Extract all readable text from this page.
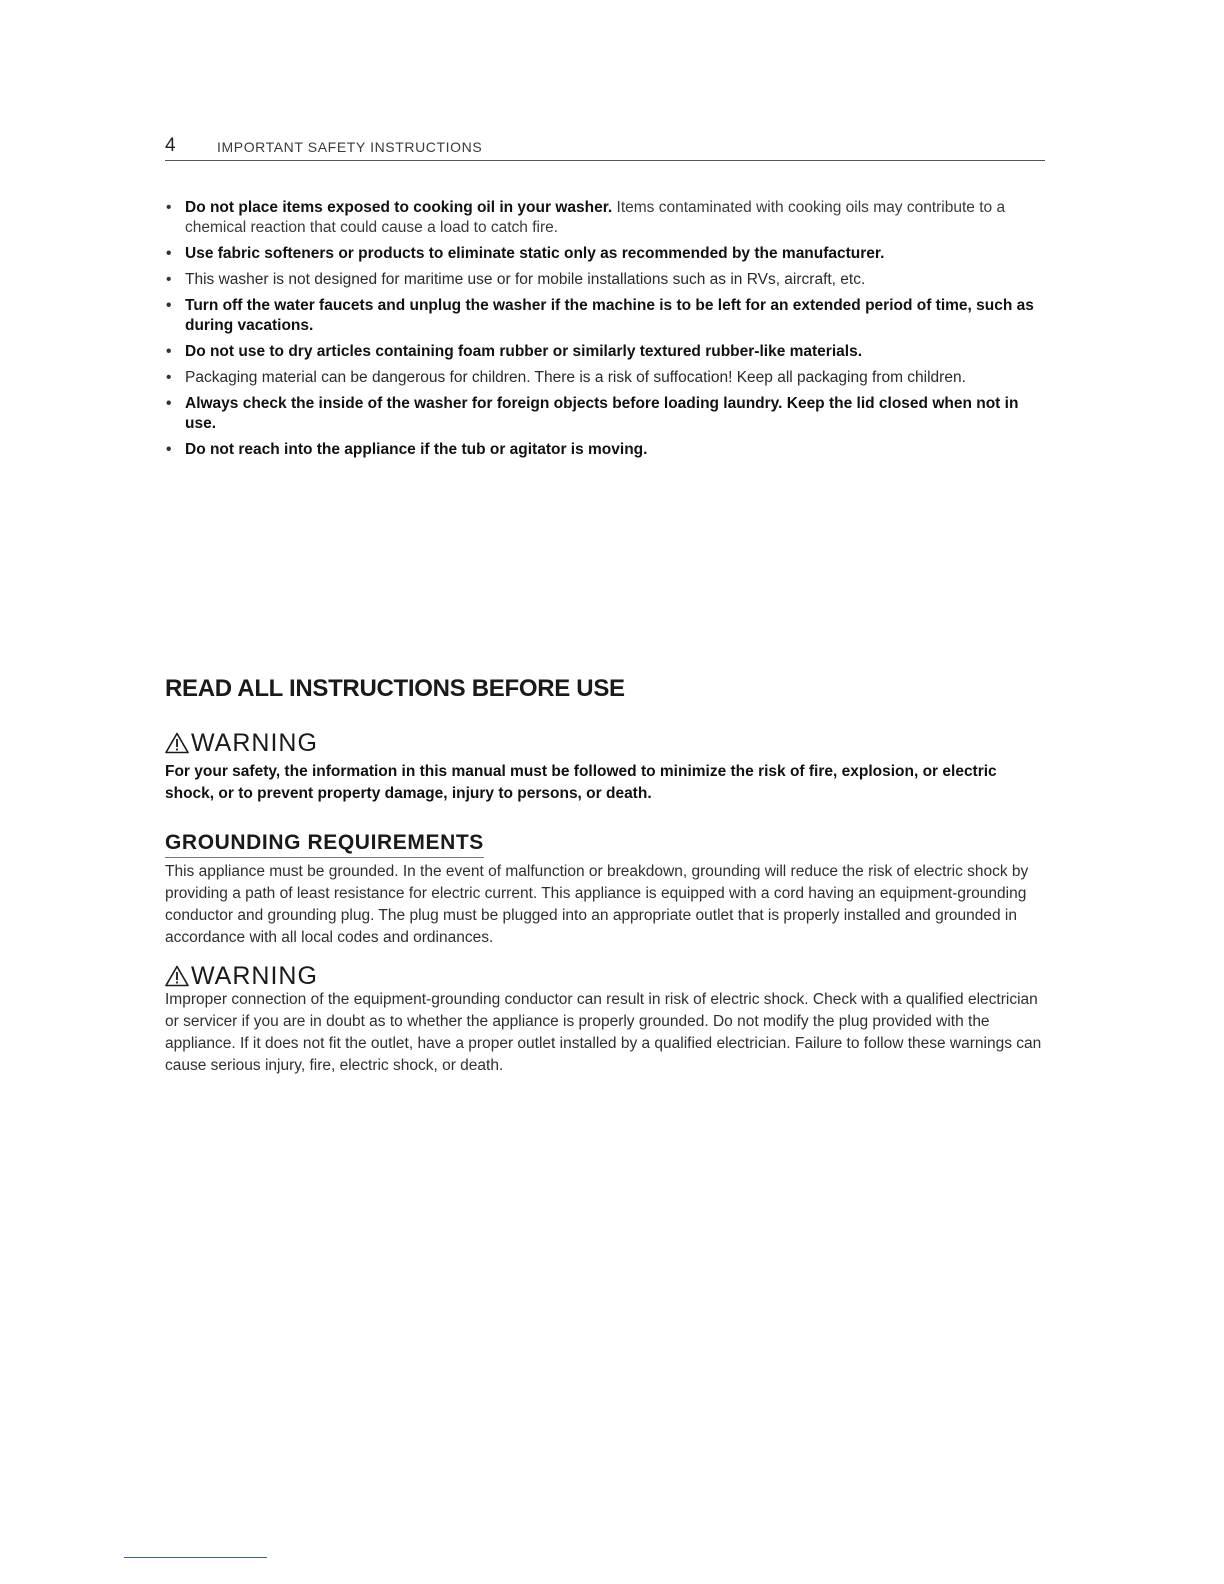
4	IMPORTANT SAFETY INSTRUCTIONS
• Do not place items exposed to cooking oil in your washer. Items contaminated with cooking oils may contribute to a chemical reaction that could cause a load to catch fire.
• Use fabric softeners or products to eliminate static only as recommended by the manufacturer.
• This washer is not designed for maritime use or for mobile installations such as in RVs, aircraft, etc.
• Turn off the water faucets and unplug the washer if the machine is to be left for an extended period of time, such as during vacations.
• Do not use to dry articles containing foam rubber or similarly textured rubber-like materials.
• Packaging material can be dangerous for children. There is a risk of suffocation! Keep all packaging from children.
• Always check the inside of the washer for foreign objects before loading laundry. Keep the lid closed when not in use.
• Do not reach into the appliance if the tub or agitator is moving.
READ ALL INSTRUCTIONS BEFORE USE
WARNING

For your safety, the information in this manual must be followed to minimize the risk of fire, explosion, or electric shock, or to prevent property damage, injury to persons, or death.

GROUNDING REQUIREMENTS

This appliance must be grounded. In the event of malfunction or breakdown, grounding will reduce the risk of electric shock by providing a path of least resistance for electric current. This appliance is equipped with a cord having an equipment-grounding conductor and grounding plug. The plug must be plugged into an appropriate outlet that is properly installed and grounded in accordance with all local codes and ordinances.

WARNING

Improper connection of the equipment-grounding conductor can result in risk of electric shock. Check with a qualified electrician or servicer if you are in doubt as to whether the appliance is properly grounded. Do not modify the plug provided with the appliance. If it does not fit the outlet, have a proper outlet installed by a qualified electrician. Failure to follow these warnings can cause serious injury, fire, electric shock, or death.
